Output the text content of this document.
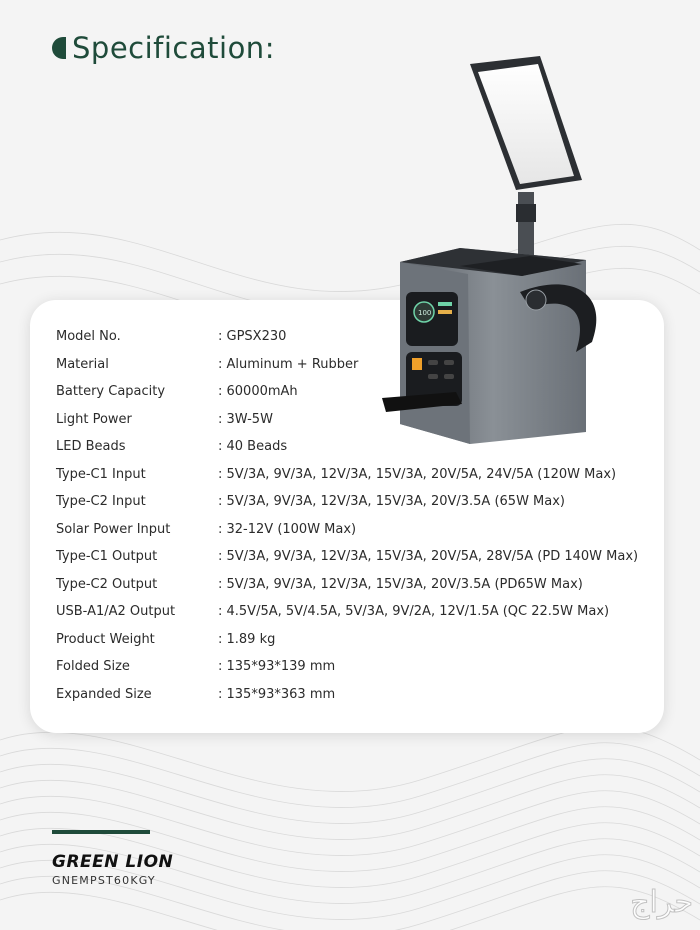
Specification:
Model No.	: GPSX230
Material	: Aluminum + Rubber
Battery Capacity	: 60000mAh
Light Power	: 3W-5W
LED Beads	: 40 Beads
Type-C1 Input	: 5V/3A, 9V/3A, 12V/3A, 15V/3A, 20V/5A, 24V/5A (120W Max)
Type-C2 Input	: 5V/3A, 9V/3A, 12V/3A, 15V/3A, 20V/3.5A (65W Max)
Solar Power Input	: 32-12V (100W Max)
Type-C1 Output	: 5V/3A, 9V/3A, 12V/3A, 15V/3A, 20V/5A, 28V/5A (PD 140W Max)
Type-C2 Output	: 5V/3A, 9V/3A, 12V/3A, 15V/3A, 20V/3.5A (PD65W Max)
USB-A1/A2 Output	: 4.5V/5A, 5V/4.5A, 5V/3A, 9V/2A, 12V/1.5A (QC 22.5W Max)
Product Weight	: 1.89 kg
Folded Size	: 135*93*139 mm
Expanded Size	: 135*93*363 mm
100
GREEN LION
GNEMPST60KGY
حراج
